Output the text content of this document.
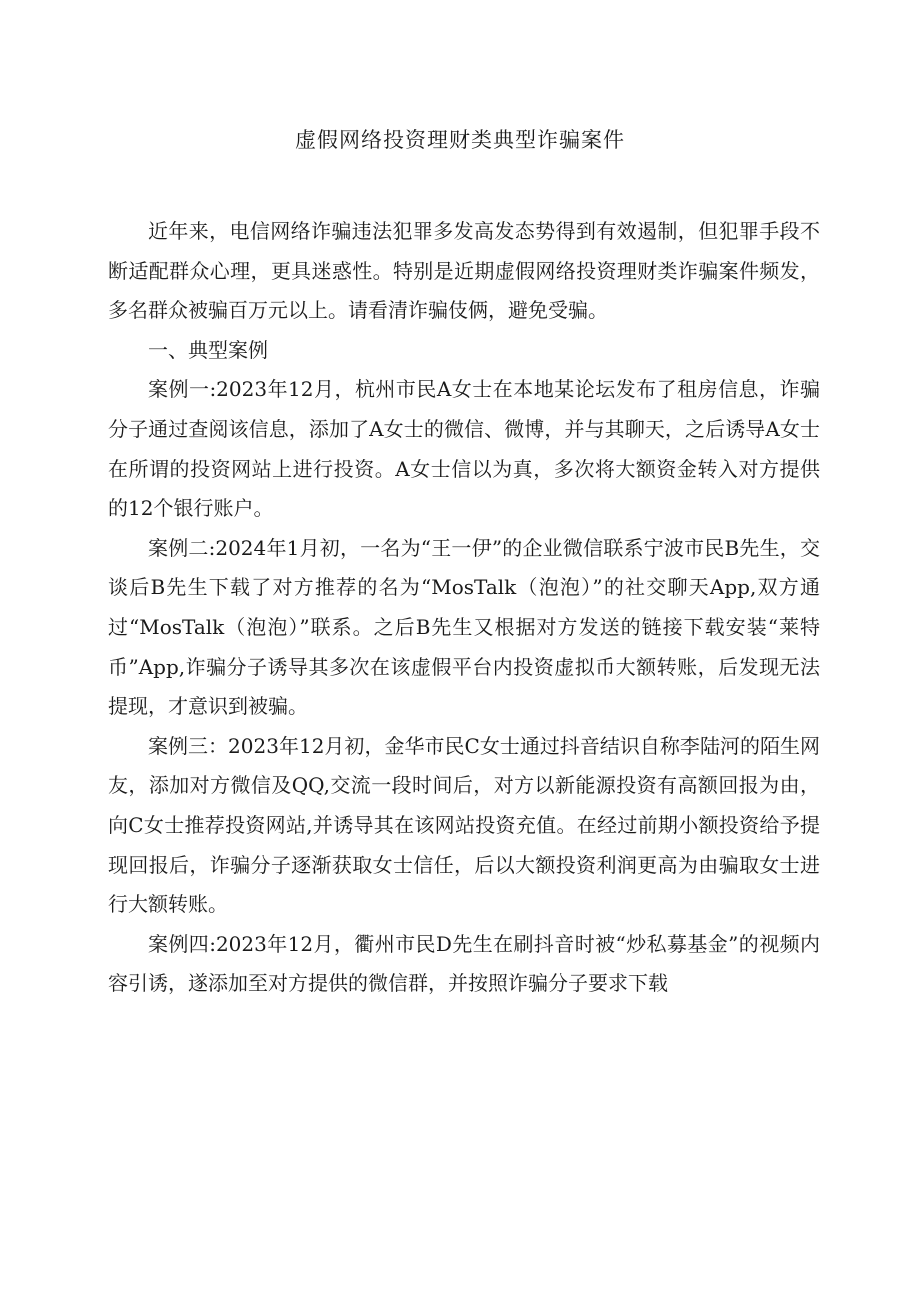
虚假网络投资理财类典型诈骗案件

近年来，电信网络诈骗违法犯罪多发高发态势得到有效遏制，但犯罪手段不断适配群众心理，更具迷惑性。特别是近期虚假网络投资理财类诈骗案件频发，多名群众被骗百万元以上。请看清诈骗伎俩，避免受骗。

一、典型案例

案例一:2023年12月，杭州市民A女士在本地某论坛发布了租房信息，诈骗分子通过查阅该信息，添加了A女士的微信、微博，并与其聊天，之后诱导A女士在所谓的投资网站上进行投资。A女士信以为真，多次将大额资金转入对方提供的12个银行账户。

案例二:2024年1月初，一名为“王一伊”的企业微信联系宁波市民B先生，交谈后B先生下载了对方推荐的名为“MosTalk（泡泡）”的社交聊天App,双方通过“MosTalk（泡泡）”联系。之后B先生又根据对方发送的链接下载安装“莱特币”App,诈骗分子诱导其多次在该虚假平台内投资虚拟币大额转账，后发现无法提现，才意识到被骗。

案例三：2023年12月初，金华市民C女士通过抖音结识自称李陆河的陌生网友，添加对方微信及QQ,交流一段时间后，对方以新能源投资有高额回报为由，向C女士推荐投资网站,并诱导其在该网站投资充值。在经过前期小额投资给予提现回报后，诈骗分子逐渐获取女士信任，后以大额投资利润更高为由骗取女士进行大额转账。

案例四:2023年12月，衢州市民D先生在刷抖音时被“炒私募基金”的视频内容引诱，遂添加至对方提供的微信群，并按照诈骗分子要求下载
